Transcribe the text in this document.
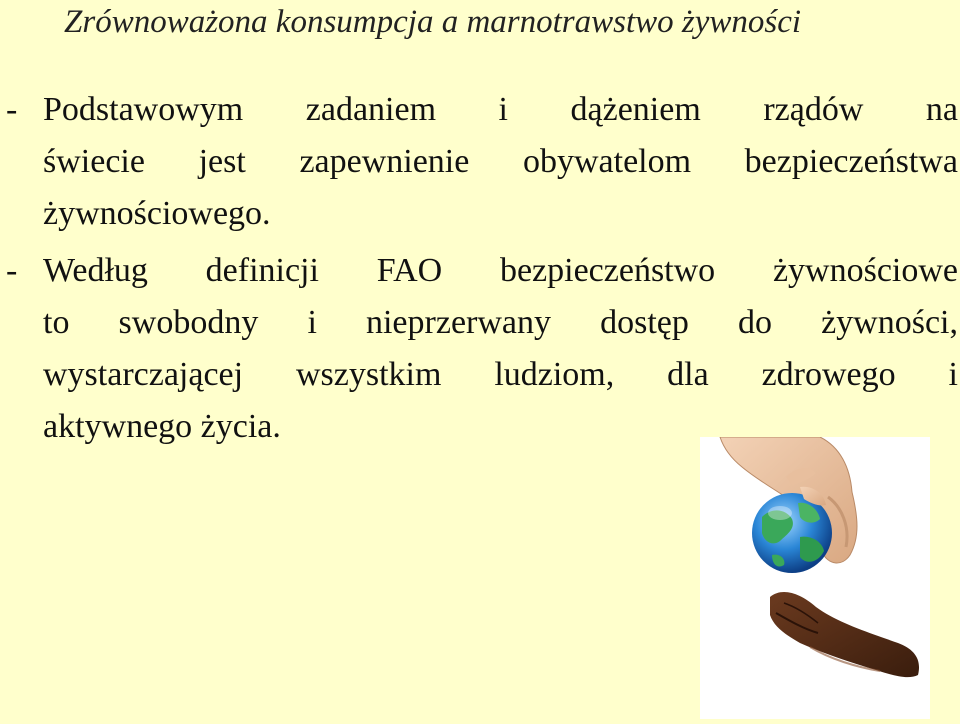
Zrównoważona konsumpcja a marnotrawstwo żywności
- Podstawowym zadaniem i dążeniem rządów na
świecie jest zapewnienie obywatelom bezpieczeństwa
żywnościowego.
- Według definicji FAO bezpieczeństwo żywnościowe
to swobodny i nieprzerwany dostęp do żywności,
wystarczającej wszystkim ludziom, dla zdrowego i
aktywnego życia.
